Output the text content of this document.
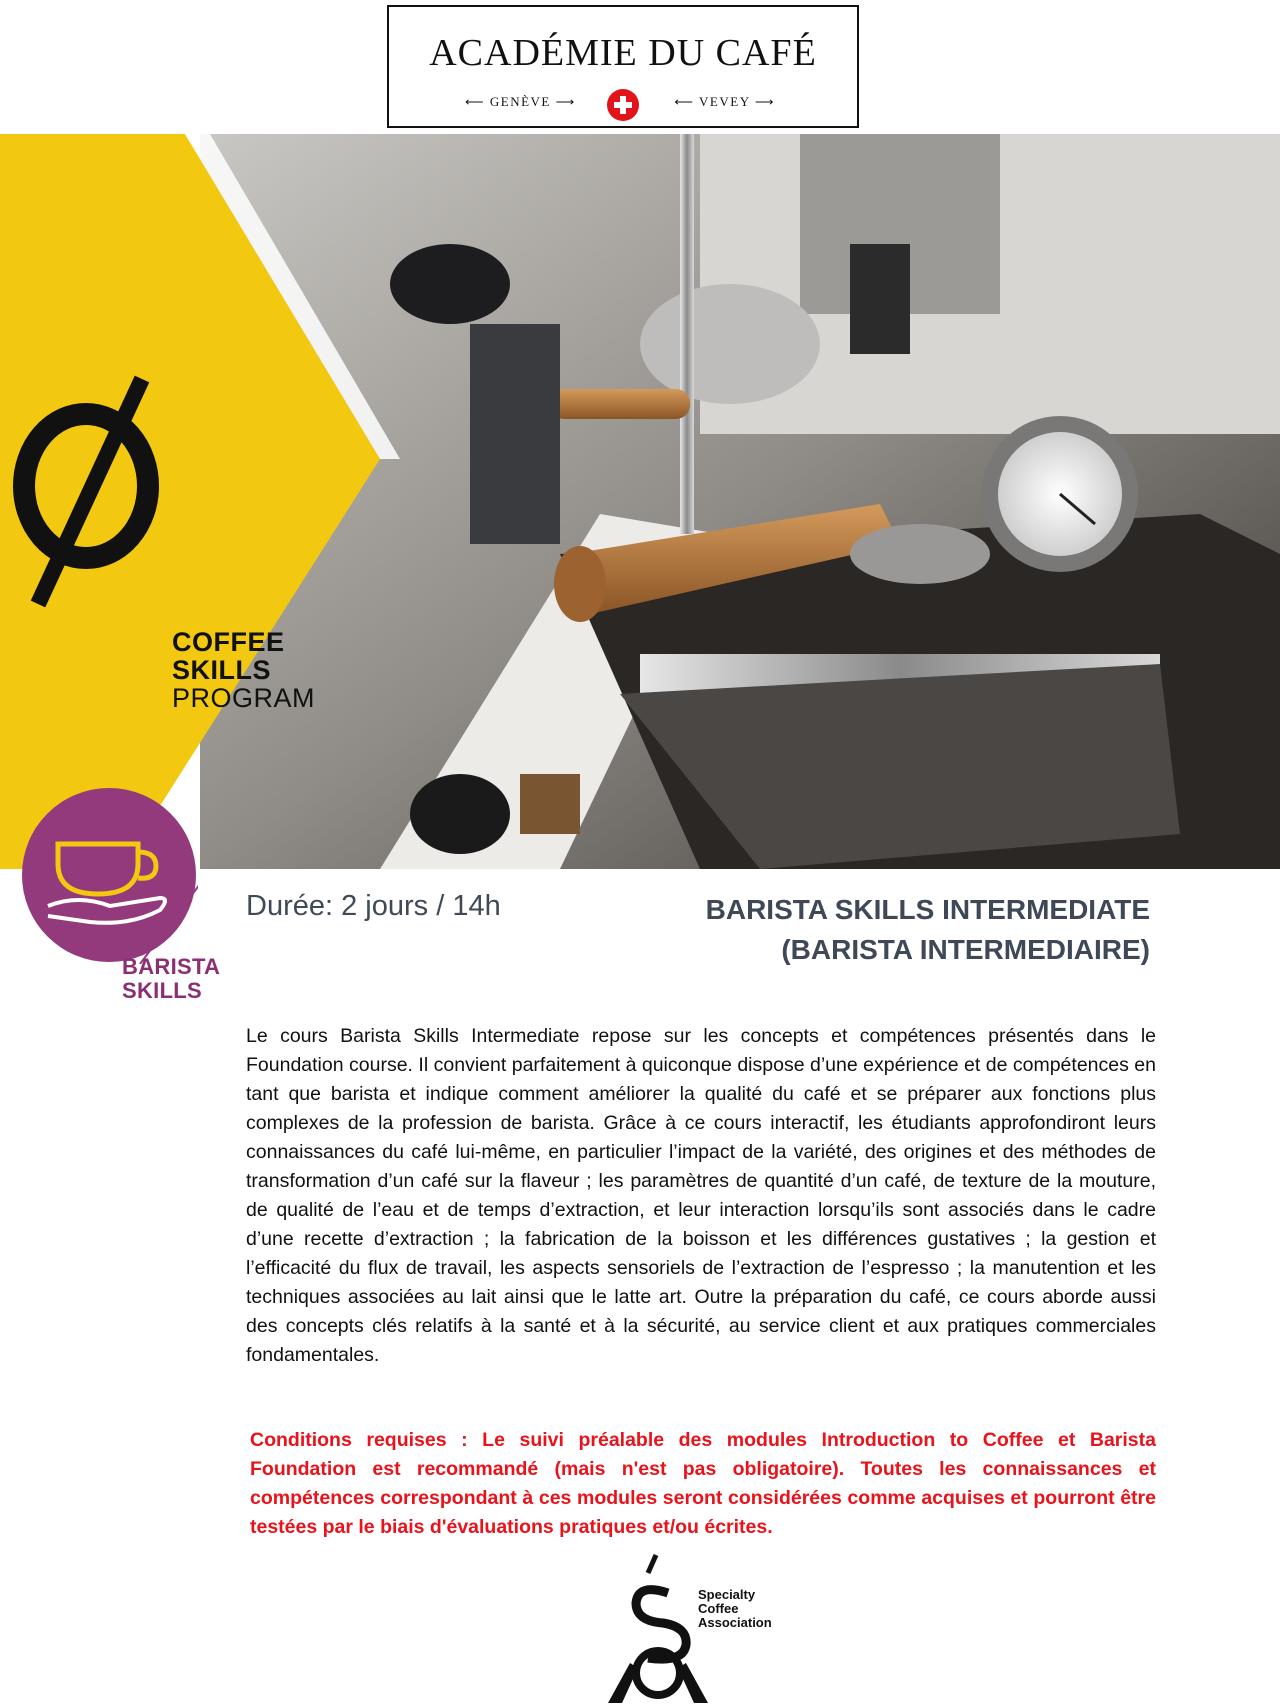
ACADÉMIE DU CAFÉ
⟵ GENÈVE ⟶	⟵ VEVEY ⟶
COFFEE
SKILLS
PROGRAM
BARISTA
SKILLS
Durée: 2 jours / 14h	BARISTA SKILLS INTERMEDIATE
(BARISTA INTERMEDIAIRE)
Le cours Barista Skills Intermediate repose sur les concepts et compétences présentés dans le Foundation course. Il convient parfaitement à quiconque dispose d’une expérience et de compétences en tant que barista et indique comment améliorer la qualité du café et se préparer aux fonctions plus complexes de la profession de barista. Grâce à ce cours interactif, les étudiants approfondiront leurs connaissances du café lui-même, en particulier l’impact de la variété, des origines et des méthodes de transformation d’un café sur la flaveur ; les paramètres de quantité d’un café, de texture de la mouture, de qualité de l’eau et de temps d’extraction, et leur interaction lorsqu’ils sont associés dans le cadre d’une recette d’extraction ; la fabrication de la boisson et les différences gustatives ; la gestion et l’efficacité du flux de travail, les aspects sensoriels de l’extraction de l’espresso ; la manutention et les techniques associées au lait ainsi que le latte art. Outre la préparation du café, ce cours aborde aussi des concepts clés relatifs à la santé et à la sécurité, au service client et aux pratiques commerciales fondamentales.
Conditions requises : Le suivi préalable des modules Introduction to Coffee et Barista Foundation est recommandé (mais n'est pas obligatoire). Toutes les connaissances et compétences correspondant à ces modules seront considérées comme acquises et pourront être testées par le biais d'évaluations pratiques et/ou écrites.
Specialty
Coffee
Association
